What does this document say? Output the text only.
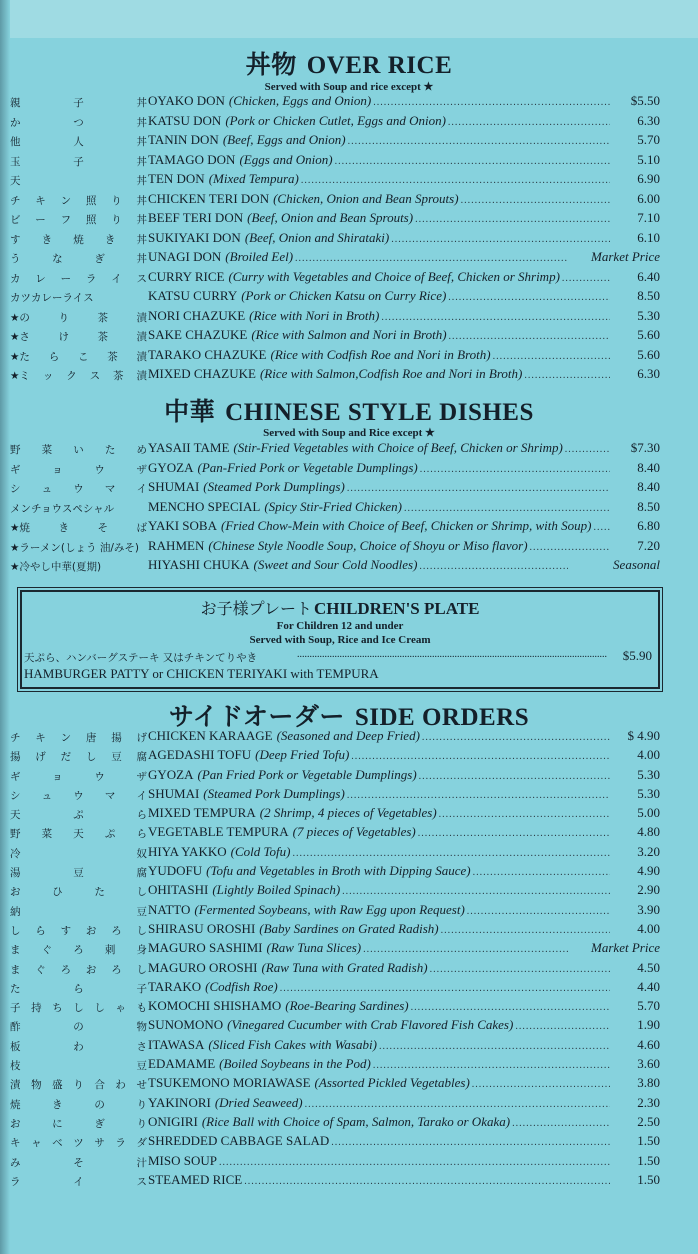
丼物 OVER RICE
Served with Soup and rice except ★
親	子	丼 OYAKO DON (Chicken, Eggs and Onion) .....	$5.50
か	つ	丼 KATSU DON (Pork or Chicken Cutlet, Eggs and Onion) .....	6.30
他	人	丼 TANIN DON (Beef, Eggs and Onion) .....	5.70
玉	子	丼 TAMAGO DON (Eggs and Onion) .....	5.10
天	丼 TEN DON (Mixed Tempura) .....	6.90
チ キ ン 照 り 丼 CHICKEN TERI DON (Chicken, Onion and Bean Sprouts) .....	6.00
ビ ー フ 照 り 丼 BEEF TERI DON (Beef, Onion and Bean Sprouts) .....	7.10
す き 焼 き 丼 SUKIYAKI DON (Beef, Onion and Shirataki) .....	6.10
う	な	ぎ	丼 UNAGI DON (Broiled Eel) .....	Market Price
カ レ ー ラ イ ス CURRY RICE (Curry with Vegetables and Choice of Beef, Chicken or Shrimp) .....	6.40
カツカレーライス	KATSU CURRY (Pork or Chicken Katsu on Curry Rice) .....	8.50
★の	り	茶	漬 NORI CHAZUKE (Rice with Nori in Broth) .....	5.30
★さ	け	茶	漬 SAKE CHAZUKE (Rice with Salmon and Nori in Broth) .....	5.60
★た ら こ 茶 漬 TARAKO CHAZUKE (Rice with Codfish Roe and Nori in Broth) .....	5.60
★ミ ッ ク ス 茶 漬 MIXED CHAZUKE (Rice with Salmon,Codfish Roe and Nori in Broth) .....	6.30
中華 CHINESE STYLE DISHES
Served with Soup and Rice except ★
野 菜 い た め YASAII TAME (Stir-Fried Vegetables with Choice of Beef, Chicken or Shrimp) .....	$7.30
ギ	ョ	ウ	ザ GYOZA (Pan-Fried Pork or Vegetable Dumplings) .....	8.40
シ ュ ウ マ イ SHUMAI (Steamed Pork Dumplings) .....	8.40
メンチョウスペシャル	MENCHO SPECIAL (Spicy Stir-Fried Chicken) .....	8.50
★焼	き	そ	ば YAKI SOBA (Fried Chow-Mein with Choice of Beef, Chicken or Shrimp, with Soup) .....	6.80
★ラーメン(しょう 油/みそ) RAHMEN (Chinese Style Noodle Soup, Choice of Shoyu or Miso flavor) .....	7.20
★冷やし中華(夏期)	HIYASHI CHUKA (Sweet and Sour Cold Noodles) .....	Seasonal
お子様プレート CHILDREN'S PLATE
For Children 12 and under
Served with Soup, Rice and Ice Cream
天ぷら、ハンバーグステーキ 又はチキンてりやき	............................................................................................................................	$5.90
HAMBURGER PATTY or CHICKEN TERIYAKI with TEMPURA
サイドオーダー SIDE ORDERS
チ キ ン 唐 揚 げ CHICKEN KARAAGE (Seasoned and Deep Fried) .....	$ 4.90
揚 げ だ し 豆 腐 AGEDASHI TOFU (Deep Fried Tofu) .....	4.00
ギ	ョ	ウ	ザ GYOZA (Pan Fried Pork or Vegetable Dumplings) .....	5.30
シ ュ ウ マ イ SHUMAI (Steamed Pork Dumplings) .....	5.30
天	ぷ	ら MIXED TEMPURA (2 Shrimp, 4 pieces of Vegetables) .....	5.00
野 菜 天 ぷ ら VEGETABLE TEMPURA (7 pieces of Vegetables) .....	4.80
冷	奴 HIYA YAKKO (Cold Tofu) .....	3.20
湯	豆	腐 YUDOFU (Tofu and Vegetables in Broth with Dipping Sauce) .....	4.90
お	ひ	た	し OHITASHI (Lightly Boiled Spinach) .....	2.90
納	豆 NATTO (Fermented Soybeans, with Raw Egg upon Request) .....	3.90
し ら す お ろ し SHIRASU OROSHI (Baby Sardines on Grated Radish) .....	4.00
ま ぐ ろ 刺 身 MAGURO SASHIMI (Raw Tuna Slices) .....	Market Price
ま ぐ ろ お ろ し MAGURO OROSHI (Raw Tuna with Grated Radish) .....	4.50
た	ら	子 TARAKO (Codfish Roe) .....	4.40
子 持 ち し し ゃ も KOMOCHI SHISHAMO (Roe-Bearing Sardines) .....	5.70
酢	の	物 SUNOMONO (Vinegared Cucumber with Crab Flavored Fish Cakes) .....	1.90
板	わ	さ ITAWASA (Sliced Fish Cakes with Wasabi) .....	4.60
枝	豆 EDAMAME (Boiled Soybeans in the Pod) .....	3.60
漬 物 盛 り 合 わ せ TSUKEMONO MORIAWASE (Assorted Pickled Vegetables) .....	3.80
焼	き	の	り YAKINORI (Dried Seaweed) .....	2.30
お	に	ぎ	り ONIGIRI (Rice Ball with Choice of Spam, Salmon, Tarako or Okaka) .....	2.50
キ ャ ベ ツ サ ラ ダ SHREDDED CABBAGE SALAD .....	1.50
み	そ	汁 MISO SOUP .....	1.50
ラ	イ	ス STEAMED RICE .....	1.50
